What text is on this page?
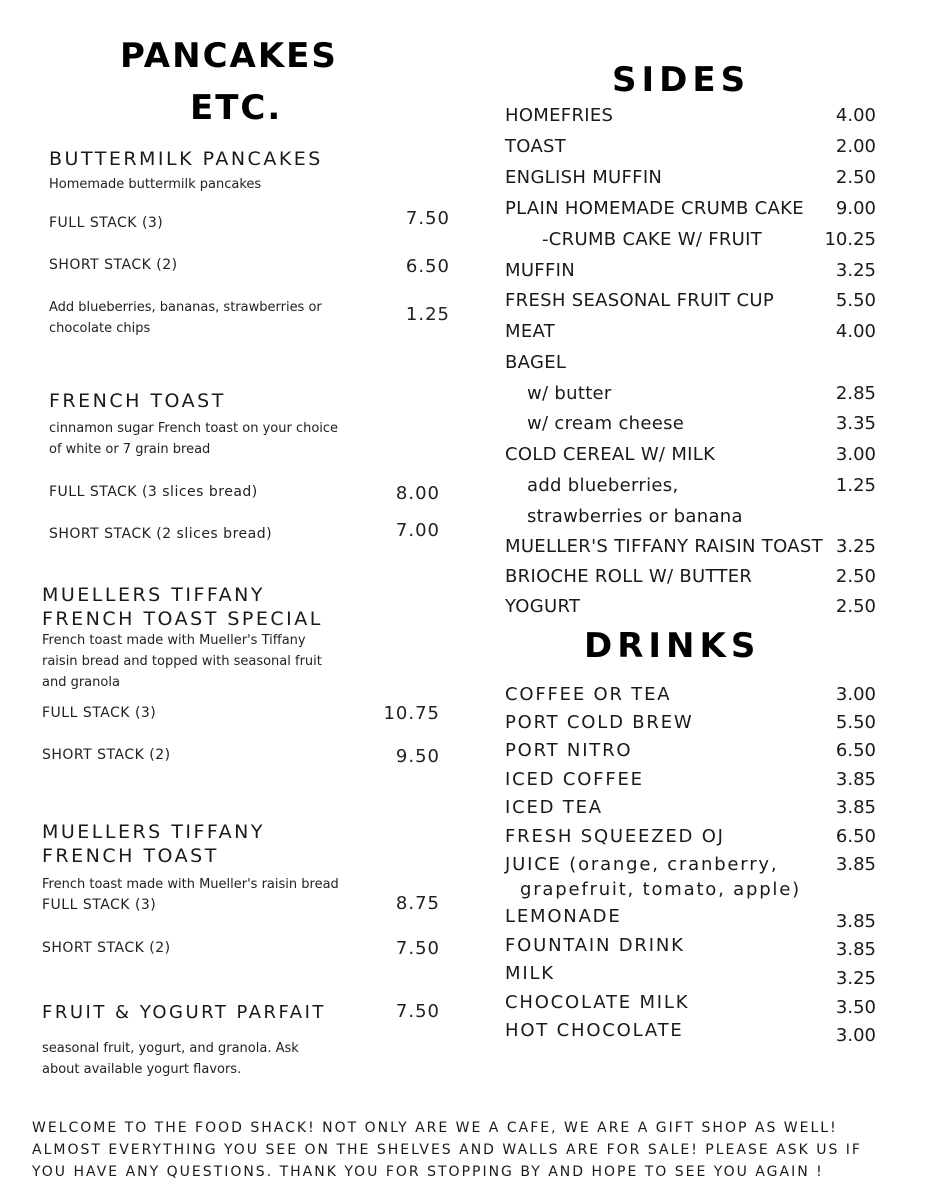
PANCAKES
ETC.
BUTTERMILK PANCAKES
Homemade buttermilk pancakes
FULL STACK (3)	7.50
SHORT STACK (2)	6.50
Add blueberries, bananas, strawberries or chocolate chips
1.25
FRENCH TOAST
cinnamon sugar French toast on your choice of white or 7 grain bread
FULL STACK (3 slices bread)	8.00
SHORT STACK (2 slices bread)	7.00
MUELLERS TIFFANY
FRENCH TOAST SPECIAL
French toast made with Mueller's Tiffany raisin bread and topped with seasonal fruit and granola
FULL STACK (3)	10.75
SHORT STACK (2)	9.50
MUELLERS TIFFANY
FRENCH TOAST
French toast made with Mueller's raisin bread
FULL STACK (3)	8.75
SHORT STACK (2)	7.50
FRUIT & YOGURT PARFAIT	7.50
seasonal fruit, yogurt, and granola. Ask about available yogurt flavors.
SIDES
HOMEFRIES	4.00
TOAST	2.00
ENGLISH MUFFIN	2.50
PLAIN HOMEMADE CRUMB CAKE	9.00
-CRUMB CAKE W/ FRUIT	10.25
MUFFIN	3.25
FRESH SEASONAL FRUIT CUP	5.50
MEAT	4.00
BAGEL
w/ butter	2.85
w/ cream cheese	3.35
COLD CEREAL W/ MILK	3.00
add blueberries,	1.25
strawberries or banana
MUELLER'S TIFFANY RAISIN TOAST 3.25
BRIOCHE ROLL W/ BUTTER	2.50
YOGURT	2.50
DRINKS
COFFEE OR TEA	3.00
PORT COLD BREW	5.50
PORT NITRO	6.50
ICED COFFEE	3.85
ICED TEA	3.85
FRESH SQUEEZED OJ	6.50
JUICE (orange, cranberry,	3.85
grapefruit, tomato, apple)
LEMONADE	3.85
FOUNTAIN DRINK	3.85
MILK	3.25
CHOCOLATE MILK	3.50
HOT CHOCOLATE	3.00
WELCOME TO THE FOOD SHACK! NOT ONLY ARE WE A CAFE, WE ARE A GIFT SHOP AS WELL!
ALMOST EVERYTHING YOU SEE ON THE SHELVES AND WALLS ARE FOR SALE! PLEASE ASK US IF
YOU HAVE ANY QUESTIONS. THANK YOU FOR STOPPING BY AND HOPE TO SEE YOU AGAIN !
